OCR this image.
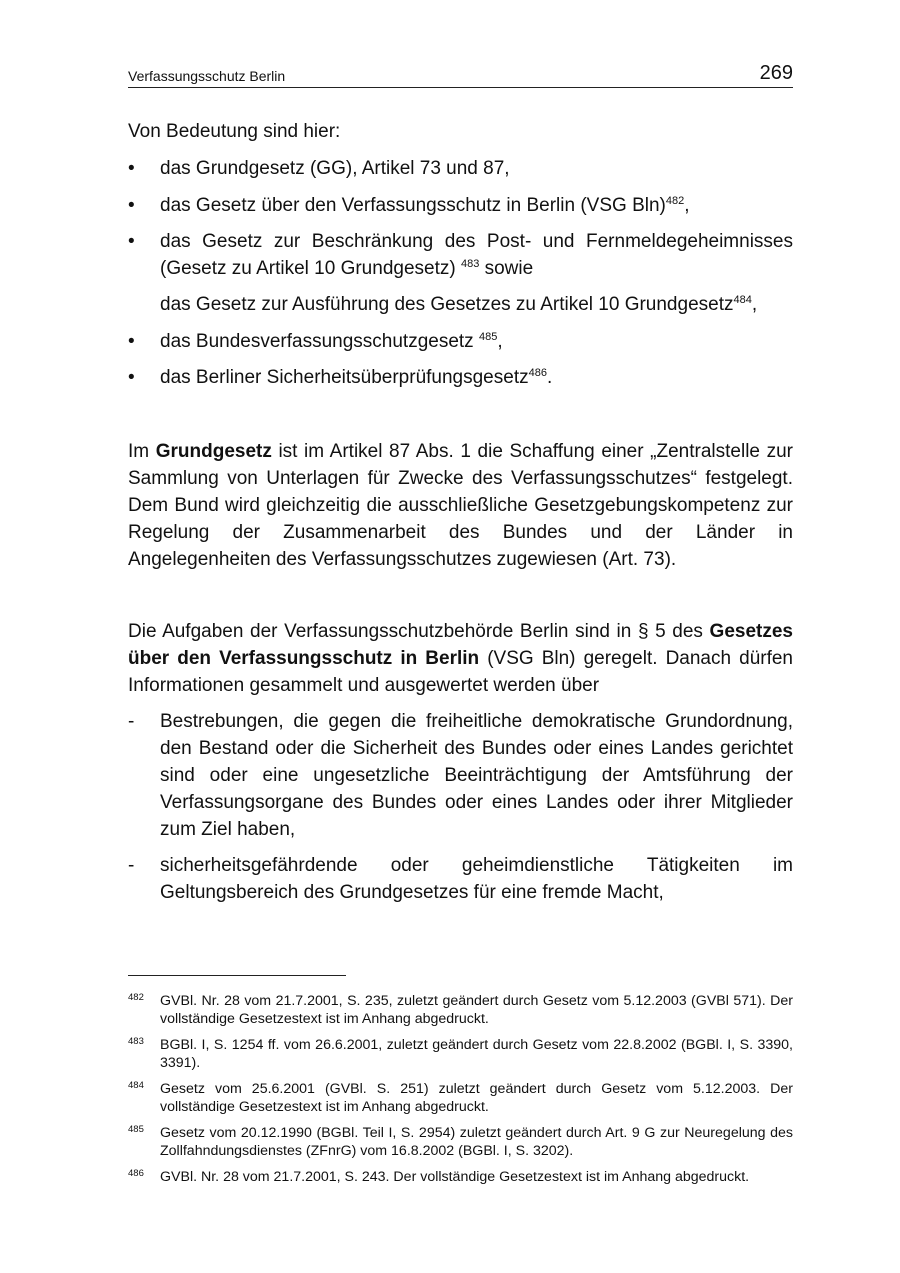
Verfassungsschutz Berlin	269
Von Bedeutung sind hier:
•	das Grundgesetz (GG), Artikel 73 und 87,
•	das Gesetz über den Verfassungsschutz in Berlin (VSG Bln)$^{482}$,
•	das Gesetz zur Beschränkung des Post- und Fernmeldegeheimnisses (Gesetz zu Artikel 10 Grundgesetz) $^{483}$ sowie
das Gesetz zur Ausführung des Gesetzes zu Artikel 10 Grundgesetz$^{484}$,
•	das Bundesverfassungsschutzgesetz $^{485}$,
•	das Berliner Sicherheitsüberprüfungsgesetz$^{486}$.
Im Grundgesetz ist im Artikel 87 Abs. 1 die Schaffung einer „Zentralstelle zur Sammlung von Unterlagen für Zwecke des Verfassungsschutzes“ festgelegt. Dem Bund wird gleichzeitig die ausschließliche Gesetzgebungskompetenz zur Regelung der Zusammenarbeit des Bundes und der Länder in Angelegenheiten des Verfassungsschutzes zugewiesen (Art. 73).
Die Aufgaben der Verfassungsschutzbehörde Berlin sind in § 5 des Gesetzes über den Verfassungsschutz in Berlin (VSG Bln) geregelt. Danach dürfen Informationen gesammelt und ausgewertet werden über
-	Bestrebungen, die gegen die freiheitliche demokratische Grundordnung, den Bestand oder die Sicherheit des Bundes oder eines Landes gerichtet sind oder eine ungesetzliche Beeinträchtigung der Amtsführung der Verfassungsorgane des Bundes oder eines Landes oder ihrer Mitglieder zum Ziel haben,
-	sicherheitsgefährdende oder geheimdienstliche Tätigkeiten im Geltungsbereich des Grundgesetzes für eine fremde Macht,
482 GVBl. Nr. 28 vom 21.7.2001, S. 235, zuletzt geändert durch Gesetz vom 5.12.2003 (GVBl 571). Der vollständige Gesetzestext ist im Anhang abgedruckt.
483 BGBl. I, S. 1254 ff. vom 26.6.2001, zuletzt geändert durch Gesetz vom 22.8.2002 (BGBl. I, S. 3390, 3391).
484 Gesetz vom 25.6.2001 (GVBl. S. 251) zuletzt geändert durch Gesetz vom 5.12.2003. Der vollständige Gesetzestext ist im Anhang abgedruckt.
485 Gesetz vom 20.12.1990 (BGBl. Teil I, S. 2954) zuletzt geändert durch Art. 9 G zur Neuregelung des Zollfahndungsdienstes (ZFnrG) vom 16.8.2002 (BGBl. I, S. 3202).
486 GVBl. Nr. 28 vom 21.7.2001, S. 243. Der vollständige Gesetzestext ist im Anhang abgedruckt.
